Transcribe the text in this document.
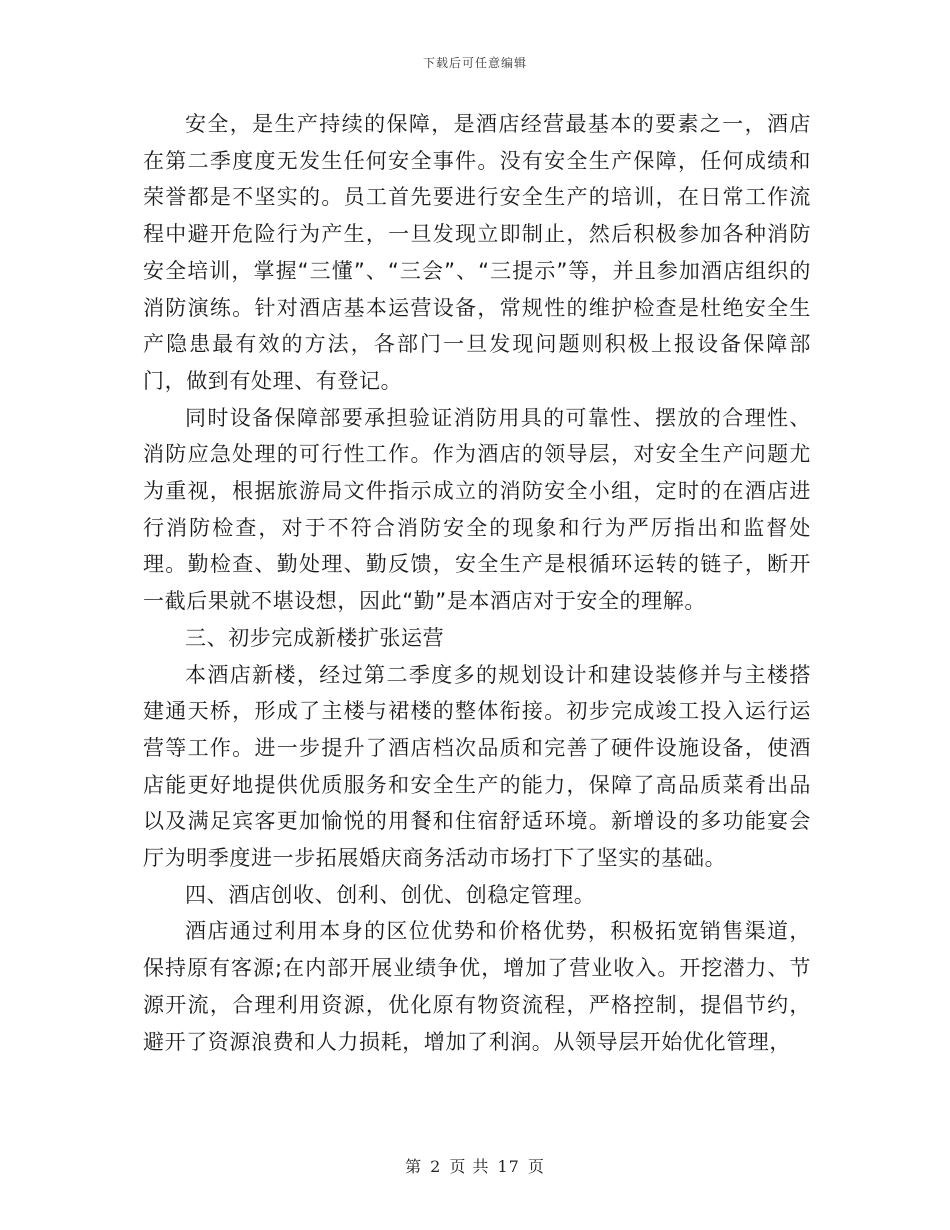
下载后可任意编辑

安全，是生产持续的保障，是酒店经营最基本的要素之一，酒店在第二季度度无发生任何安全事件。没有安全生产保障，任何成绩和荣誉都是不坚实的。员工首先要进行安全生产的培训，在日常工作流程中避开危险行为产生，一旦发现立即制止，然后积极参加各种消防安全培训，掌握“三懂”、“三会”、“三提示”等，并且参加酒店组织的消防演练。针对酒店基本运营设备，常规性的维护检查是杜绝安全生产隐患最有效的方法，各部门一旦发现问题则积极上报设备保障部门，做到有处理、有登记。

同时设备保障部要承担验证消防用具的可靠性、摆放的合理性、消防应急处理的可行性工作。作为酒店的领导层，对安全生产问题尤为重视，根据旅游局文件指示成立的消防安全小组，定时的在酒店进行消防检查，对于不符合消防安全的现象和行为严厉指出和监督处理。勤检查、勤处理、勤反馈，安全生产是根循环运转的链子，断开一截后果就不堪设想，因此“勤”是本酒店对于安全的理解。

三、初步完成新楼扩张运营

本酒店新楼，经过第二季度多的规划设计和建设装修并与主楼搭建通天桥，形成了主楼与裙楼的整体衔接。初步完成竣工投入运行运营等工作。进一步提升了酒店档次品质和完善了硬件设施设备，使酒店能更好地提供优质服务和安全生产的能力，保障了高品质菜肴出品以及满足宾客更加愉悦的用餐和住宿舒适环境。新增设的多功能宴会厅为明季度进一步拓展婚庆商务活动市场打下了坚实的基础。

四、酒店创收、创利、创优、创稳定管理。

酒店通过利用本身的区位优势和价格优势，积极拓宽销售渠道，保持原有客源;在内部开展业绩争优，增加了营业收入。开挖潜力、节源开流，合理利用资源，优化原有物资流程，严格控制，提倡节约，避开了资源浪费和人力损耗，增加了利润。从领导层开始优化管理，

第 2 页 共 17 页
